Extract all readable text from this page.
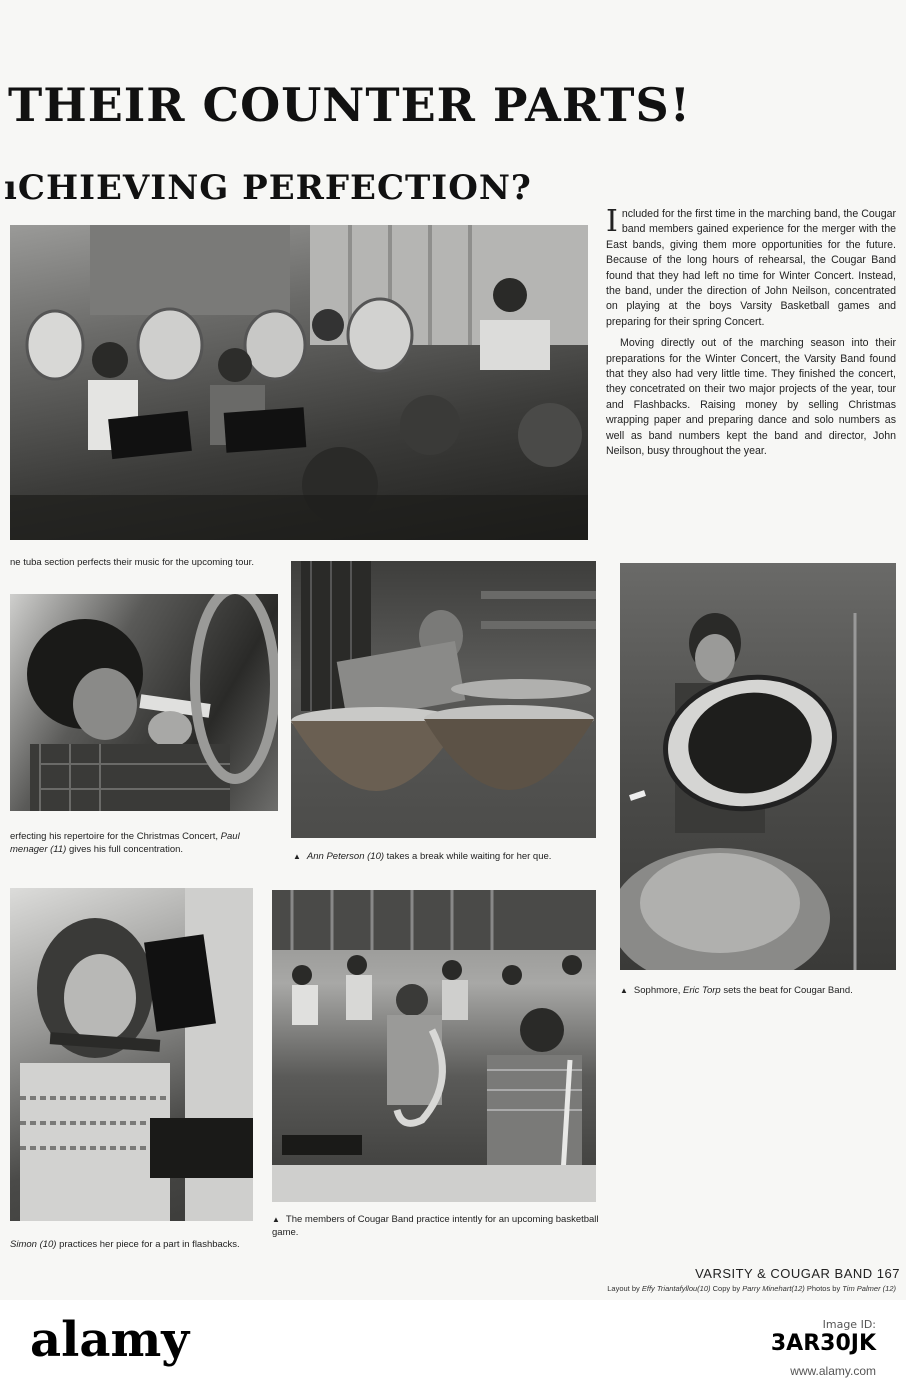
THEIR COUNTER PARTS!
ıCHIEVING PERFECTION?

ne tuba section perfects their music for the upcoming tour.

Included for the first time in the marching band, the Cougar band members gained experience for the merger with the East bands, giving them more opportunities for the future. Because of the long hours of rehearsal, the Cougar Band found that they had left no time for Winter Concert. Instead, the band, under the direction of John Neilson, concentrated on playing at the boys Varsity Basketball games and preparing for their spring Concert.

Moving directly out of the marching season into their preparations for the Winter Concert, the Varsity Band found that they also had very little time. They finished the concert, they concetrated on their two major projects of the year, tour and Flashbacks. Raising money by selling Christmas wrapping paper and preparing dance and solo numbers as well as band numbers kept the band and director, John Neilson, busy throughout the year.

erfecting his repertoire for the Christmas Concert, Paul
menager (11) gives his full concentration.

▲ Ann Peterson (10) takes a break while waiting for her que.

▲ Sophmore, Eric Torp sets the beat for Cougar Band.

Simon (10) practices her piece for a part in flashbacks.

▲ The members of Cougar Band practice intently for an upcoming basketball game.

VARSITY & COUGAR BAND 167
Layout by Effy Triantafyllou(10) Copy by Parry Minehart(12) Photos by Tim Palmer (12)
alamy	Image ID:
3AR30JK
www.alamy.com
